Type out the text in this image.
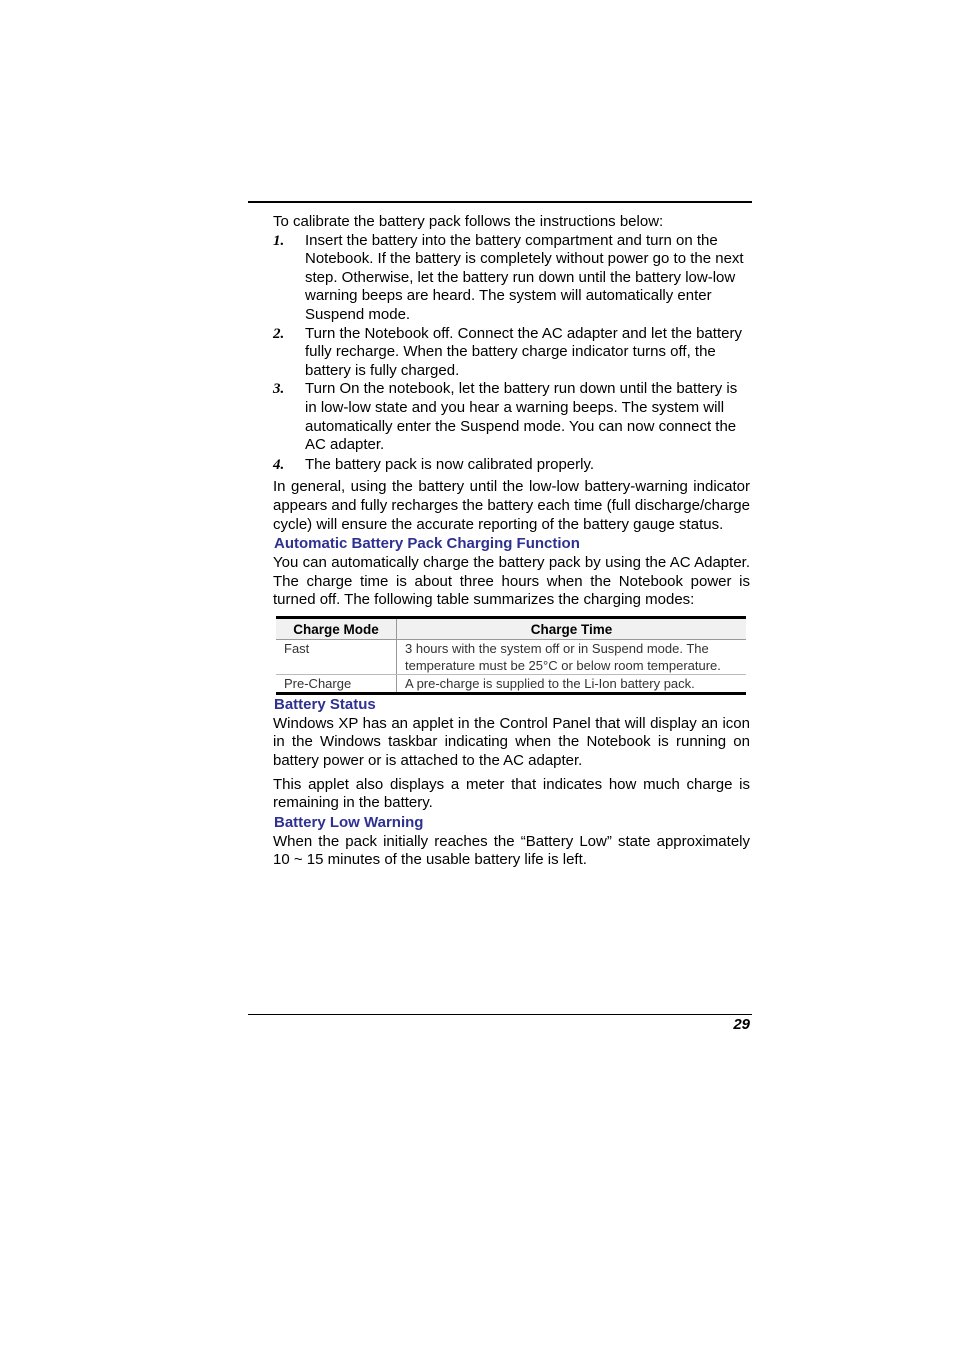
To calibrate the battery pack follows the instructions below:

1. Insert the battery into the battery compartment and turn on the Notebook. If the battery is completely without power go to the next step. Otherwise, let the battery run down until the battery low-low warning beeps are heard. The system will automatically enter Suspend mode.
2. Turn the Notebook off. Connect the AC adapter and let the battery fully recharge. When the battery charge indicator turns off, the battery is fully charged.
3. Turn On the notebook, let the battery run down until the battery is in low-low state and you hear a warning beeps. The system will automatically enter the Suspend mode. You can now connect the AC adapter.
4. The battery pack is now calibrated properly.

In general, using the battery until the low-low battery-warning indicator appears and fully recharges the battery each time (full discharge/charge cycle) will ensure the accurate reporting of the battery gauge status.

Automatic Battery Pack Charging Function

You can automatically charge the battery pack by using the AC Adapter. The charge time is about three hours when the Notebook power is turned off. The following table summarizes the charging modes:

Charge Mode	Charge Time
Fast	3 hours with the system off or in Suspend mode. The temperature must be 25°C or below room temperature.
Pre-Charge	A pre-charge is supplied to the Li-Ion battery pack.
Battery Status

Windows XP has an applet in the Control Panel that will display an icon in the Windows taskbar indicating when the Notebook is running on battery power or is attached to the AC adapter.

This applet also displays a meter that indicates how much charge is remaining in the battery.

Battery Low Warning

When the pack initially reaches the “Battery Low” state approximately 10 ~ 15 minutes of the usable battery life is left.

29
